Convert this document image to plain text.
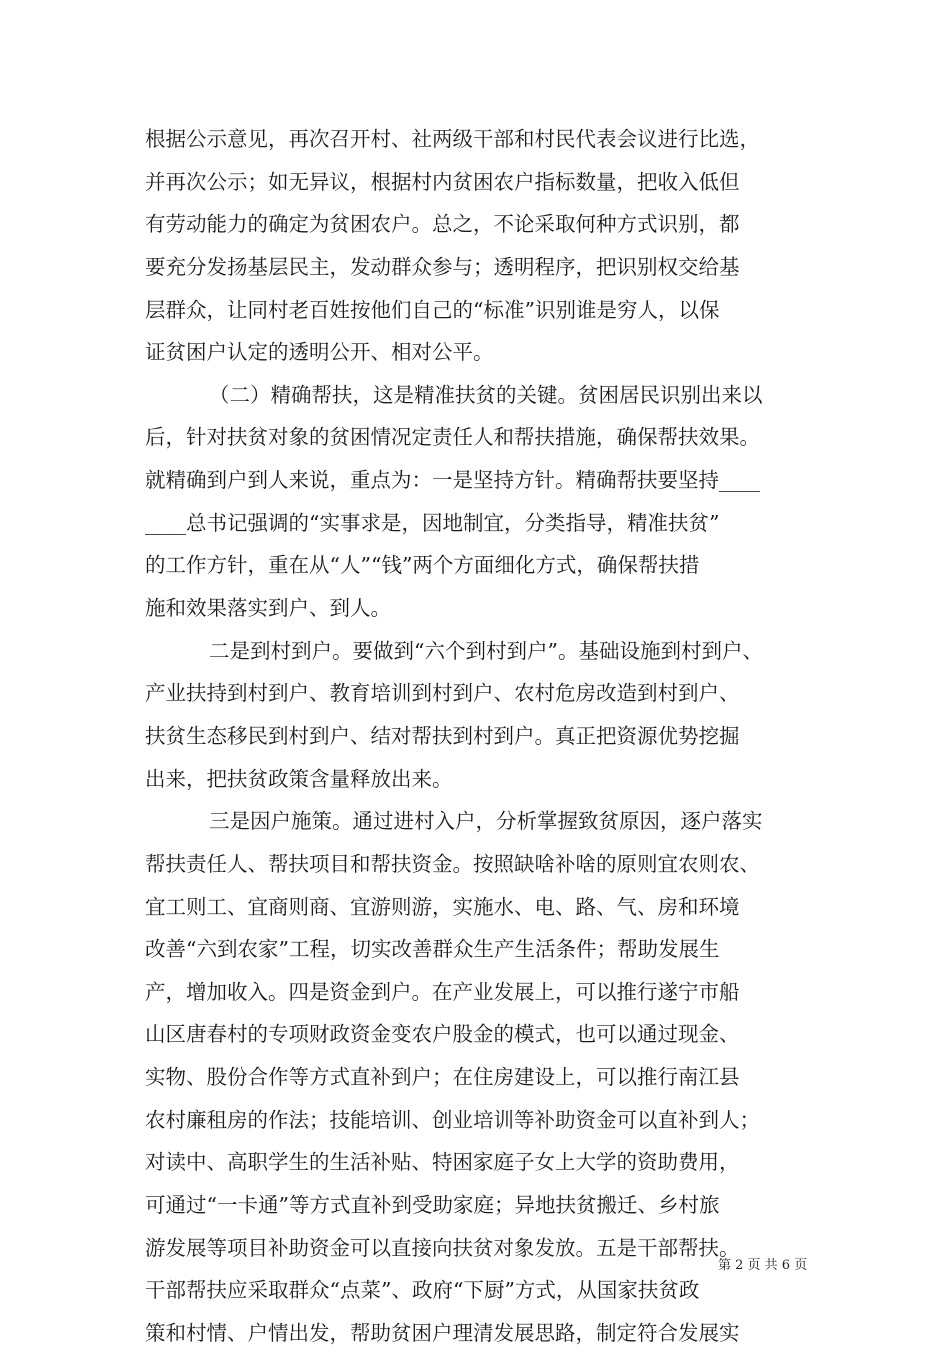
根据公示意见，再次召开村、社两级干部和村民代表会议进行比选，
并再次公示；如无异议，根据村内贫困农户指标数量，把收入低但
有劳动能力的确定为贫困农户。总之，不论采取何种方式识别，都
要充分发扬基层民主，发动群众参与；透明程序，把识别权交给基
层群众，让同村老百姓按他们自己的“标准”识别谁是穷人，以保
证贫困户认定的透明公开、相对公平。
（二）精确帮扶，这是精准扶贫的关键。贫困居民识别出来以
后，针对扶贫对象的贫困情况定责任人和帮扶措施，确保帮扶效果。
就精确到户到人来说，重点为：一是坚持方针。精确帮扶要坚持____
____总书记强调的“实事求是，因地制宜，分类指导，精准扶贫”
的工作方针，重在从“人”“钱”两个方面细化方式，确保帮扶措
施和效果落实到户、到人。
二是到村到户。要做到“六个到村到户”。基础设施到村到户、
产业扶持到村到户、教育培训到村到户、农村危房改造到村到户、
扶贫生态移民到村到户、结对帮扶到村到户。真正把资源优势挖掘
出来，把扶贫政策含量释放出来。
三是因户施策。通过进村入户，分析掌握致贫原因，逐户落实
帮扶责任人、帮扶项目和帮扶资金。按照缺啥补啥的原则宜农则农、
宜工则工、宜商则商、宜游则游，实施水、电、路、气、房和环境
改善“六到农家”工程，切实改善群众生产生活条件；帮助发展生
产，增加收入。四是资金到户。在产业发展上，可以推行遂宁市船
山区唐春村的专项财政资金变农户股金的模式，也可以通过现金、
实物、股份合作等方式直补到户；在住房建设上，可以推行南江县
农村廉租房的作法；技能培训、创业培训等补助资金可以直补到人；
对读中、高职学生的生活补贴、特困家庭子女上大学的资助费用，
可通过“一卡通”等方式直补到受助家庭；异地扶贫搬迁、乡村旅
游发展等项目补助资金可以直接向扶贫对象发放。五是干部帮扶。
干部帮扶应采取群众“点菜”、政府“下厨”方式，从国家扶贫政
策和村情、户情出发，帮助贫困户理清发展思路，制定符合发展实
第 2 页 共 6 页
